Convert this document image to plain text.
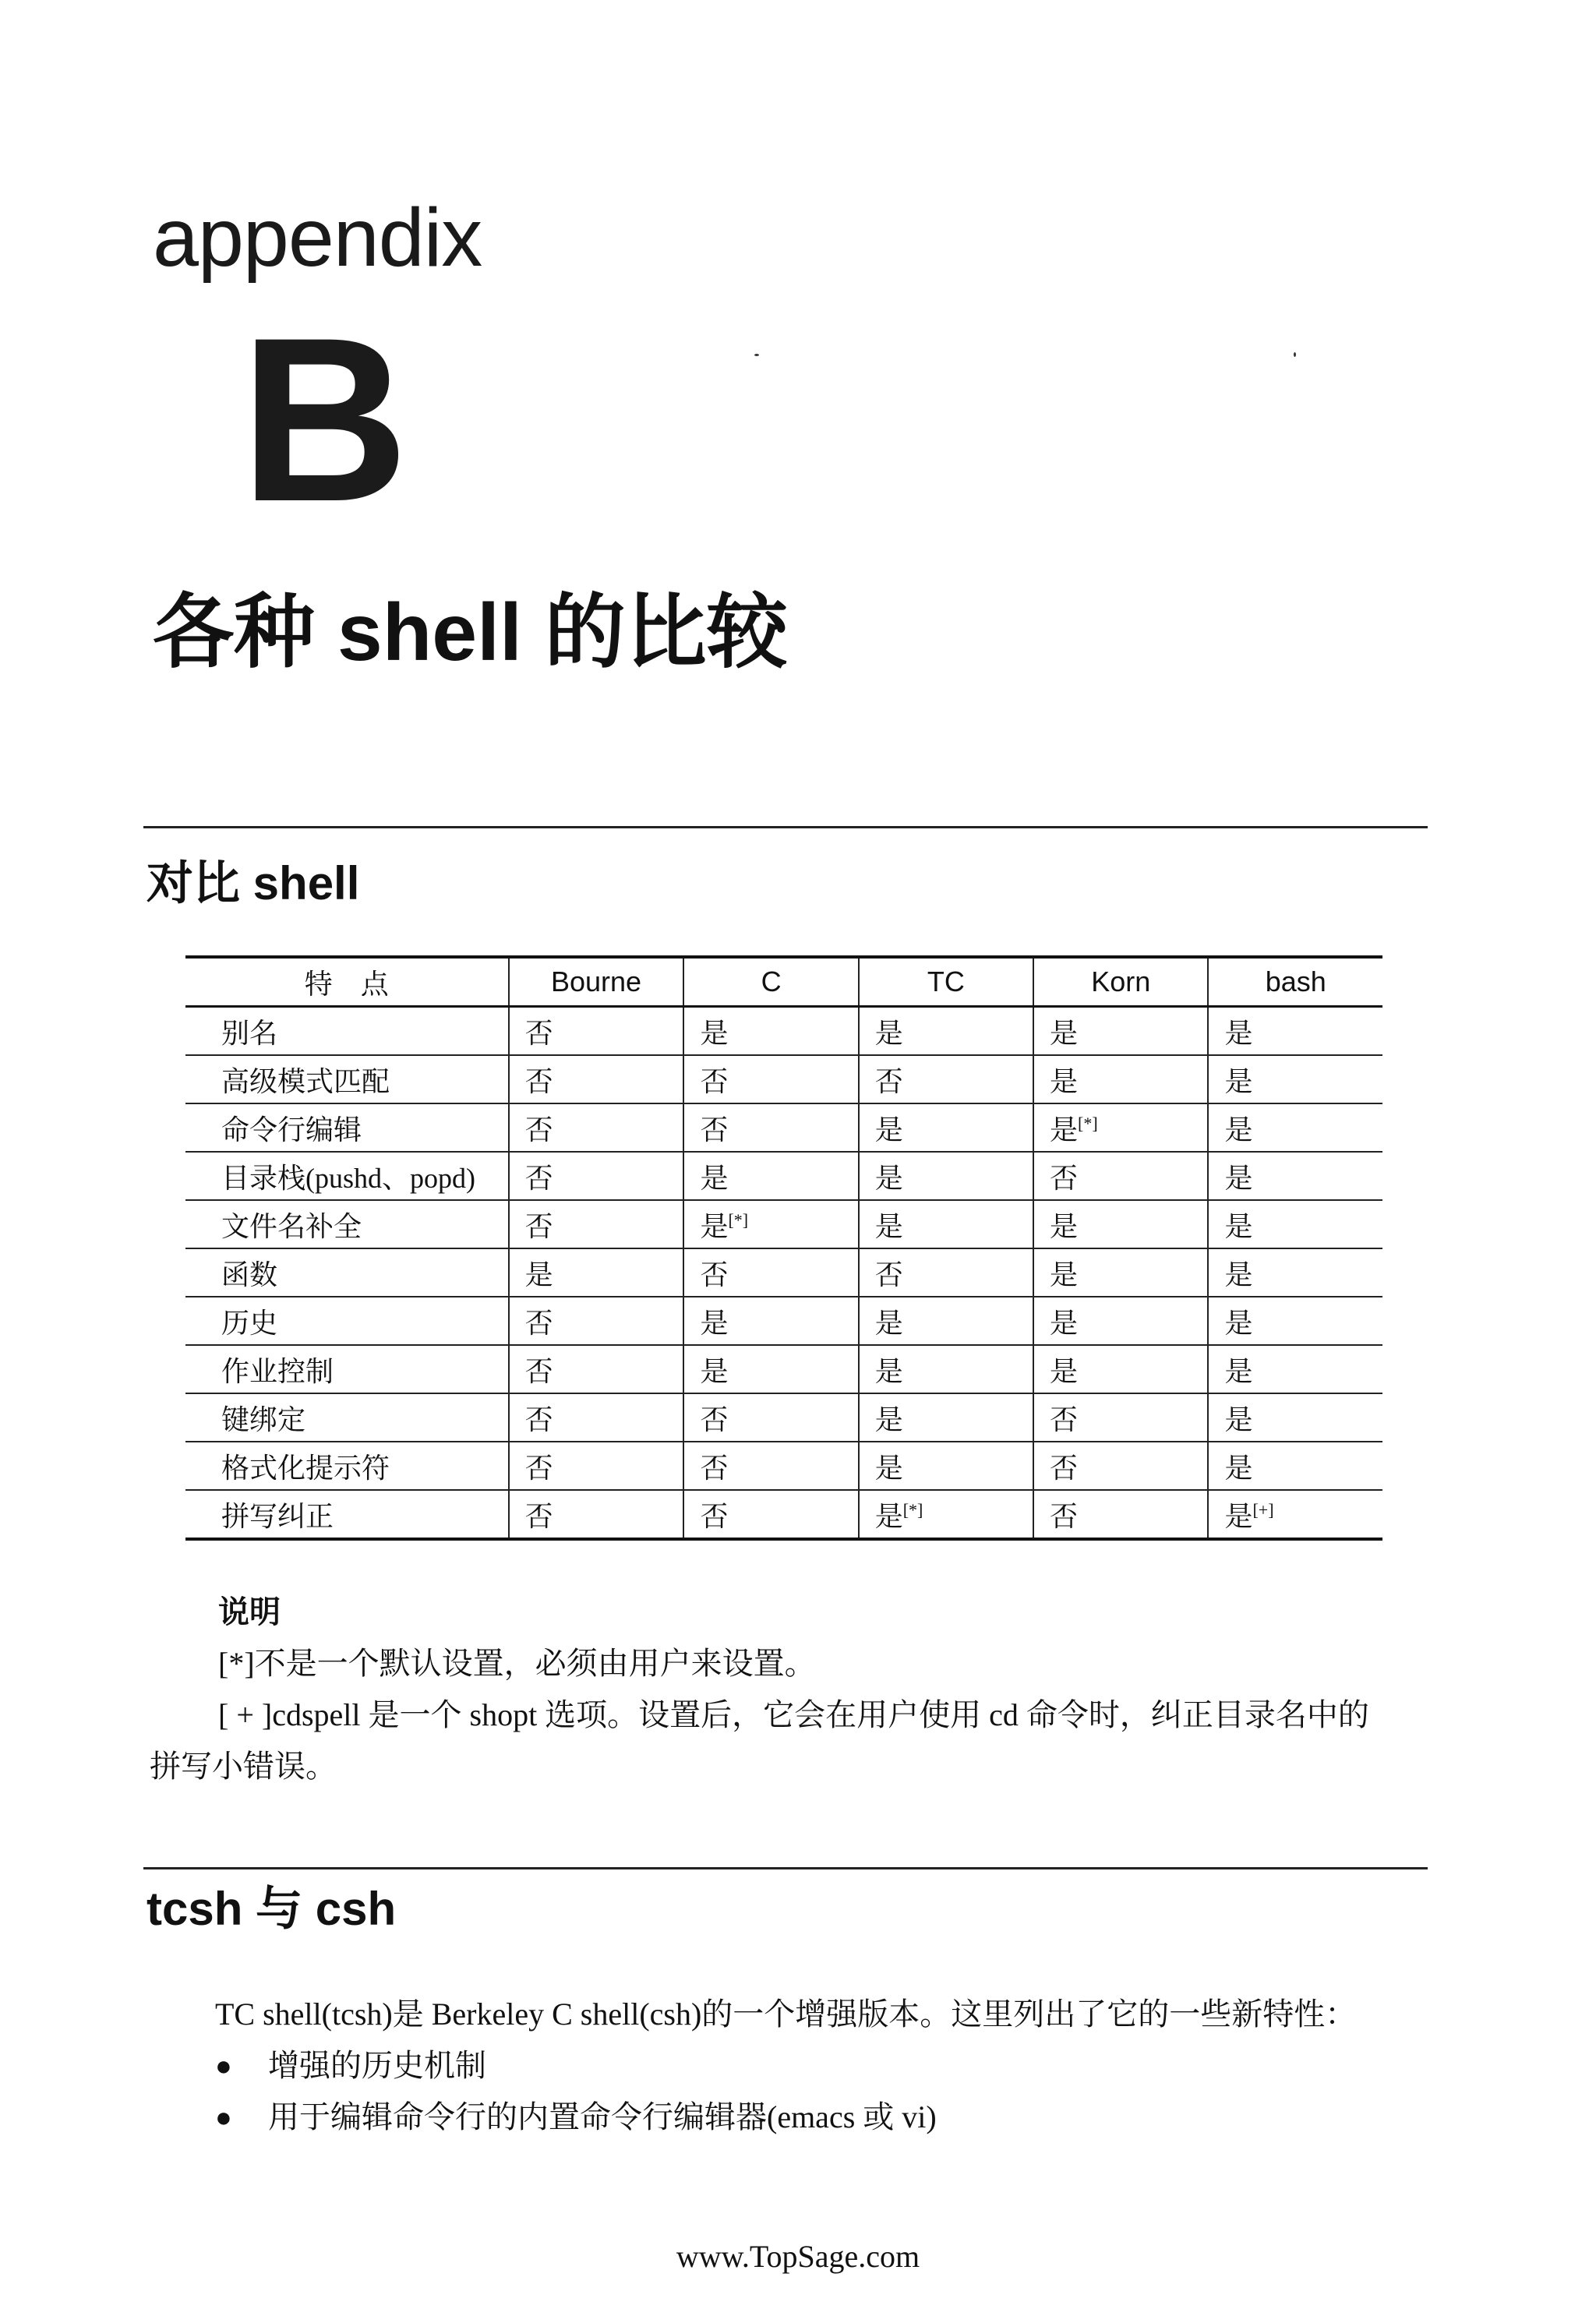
appendix
B
各种 shell 的比较
对比 shell
特　点	Bourne	C	TC	Korn	bash
别名	否	是	是	是	是
高级模式匹配	否	否	否	是	是
命令行编辑	否	否	是	是[*]	是
目录栈(pushd、popd)	否	是	是	否	是
文件名补全	否	是[*]	是	是	是
函数	是	否	否	是	是
历史	否	是	是	是	是
作业控制	否	是	是	是	是
键绑定	否	否	是	否	是
格式化提示符	否	否	是	否	是
拼写纠正	否	否	是[*]	否	是[+]

说明

[*]不是一个默认设置，必须由用户来设置。

[ + ]cdspell 是一个 shopt 选项。设置后，它会在用户使用 cd 命令时，纠正目录名中的

拼写小错误。

tcsh 与 csh
TC shell(tcsh)是 Berkeley C shell(csh)的一个增强版本。这里列出了它的一些新特性：
● 增强的历史机制
● 用于编辑命令行的内置命令行编辑器(emacs 或 vi)
www.TopSage.com
